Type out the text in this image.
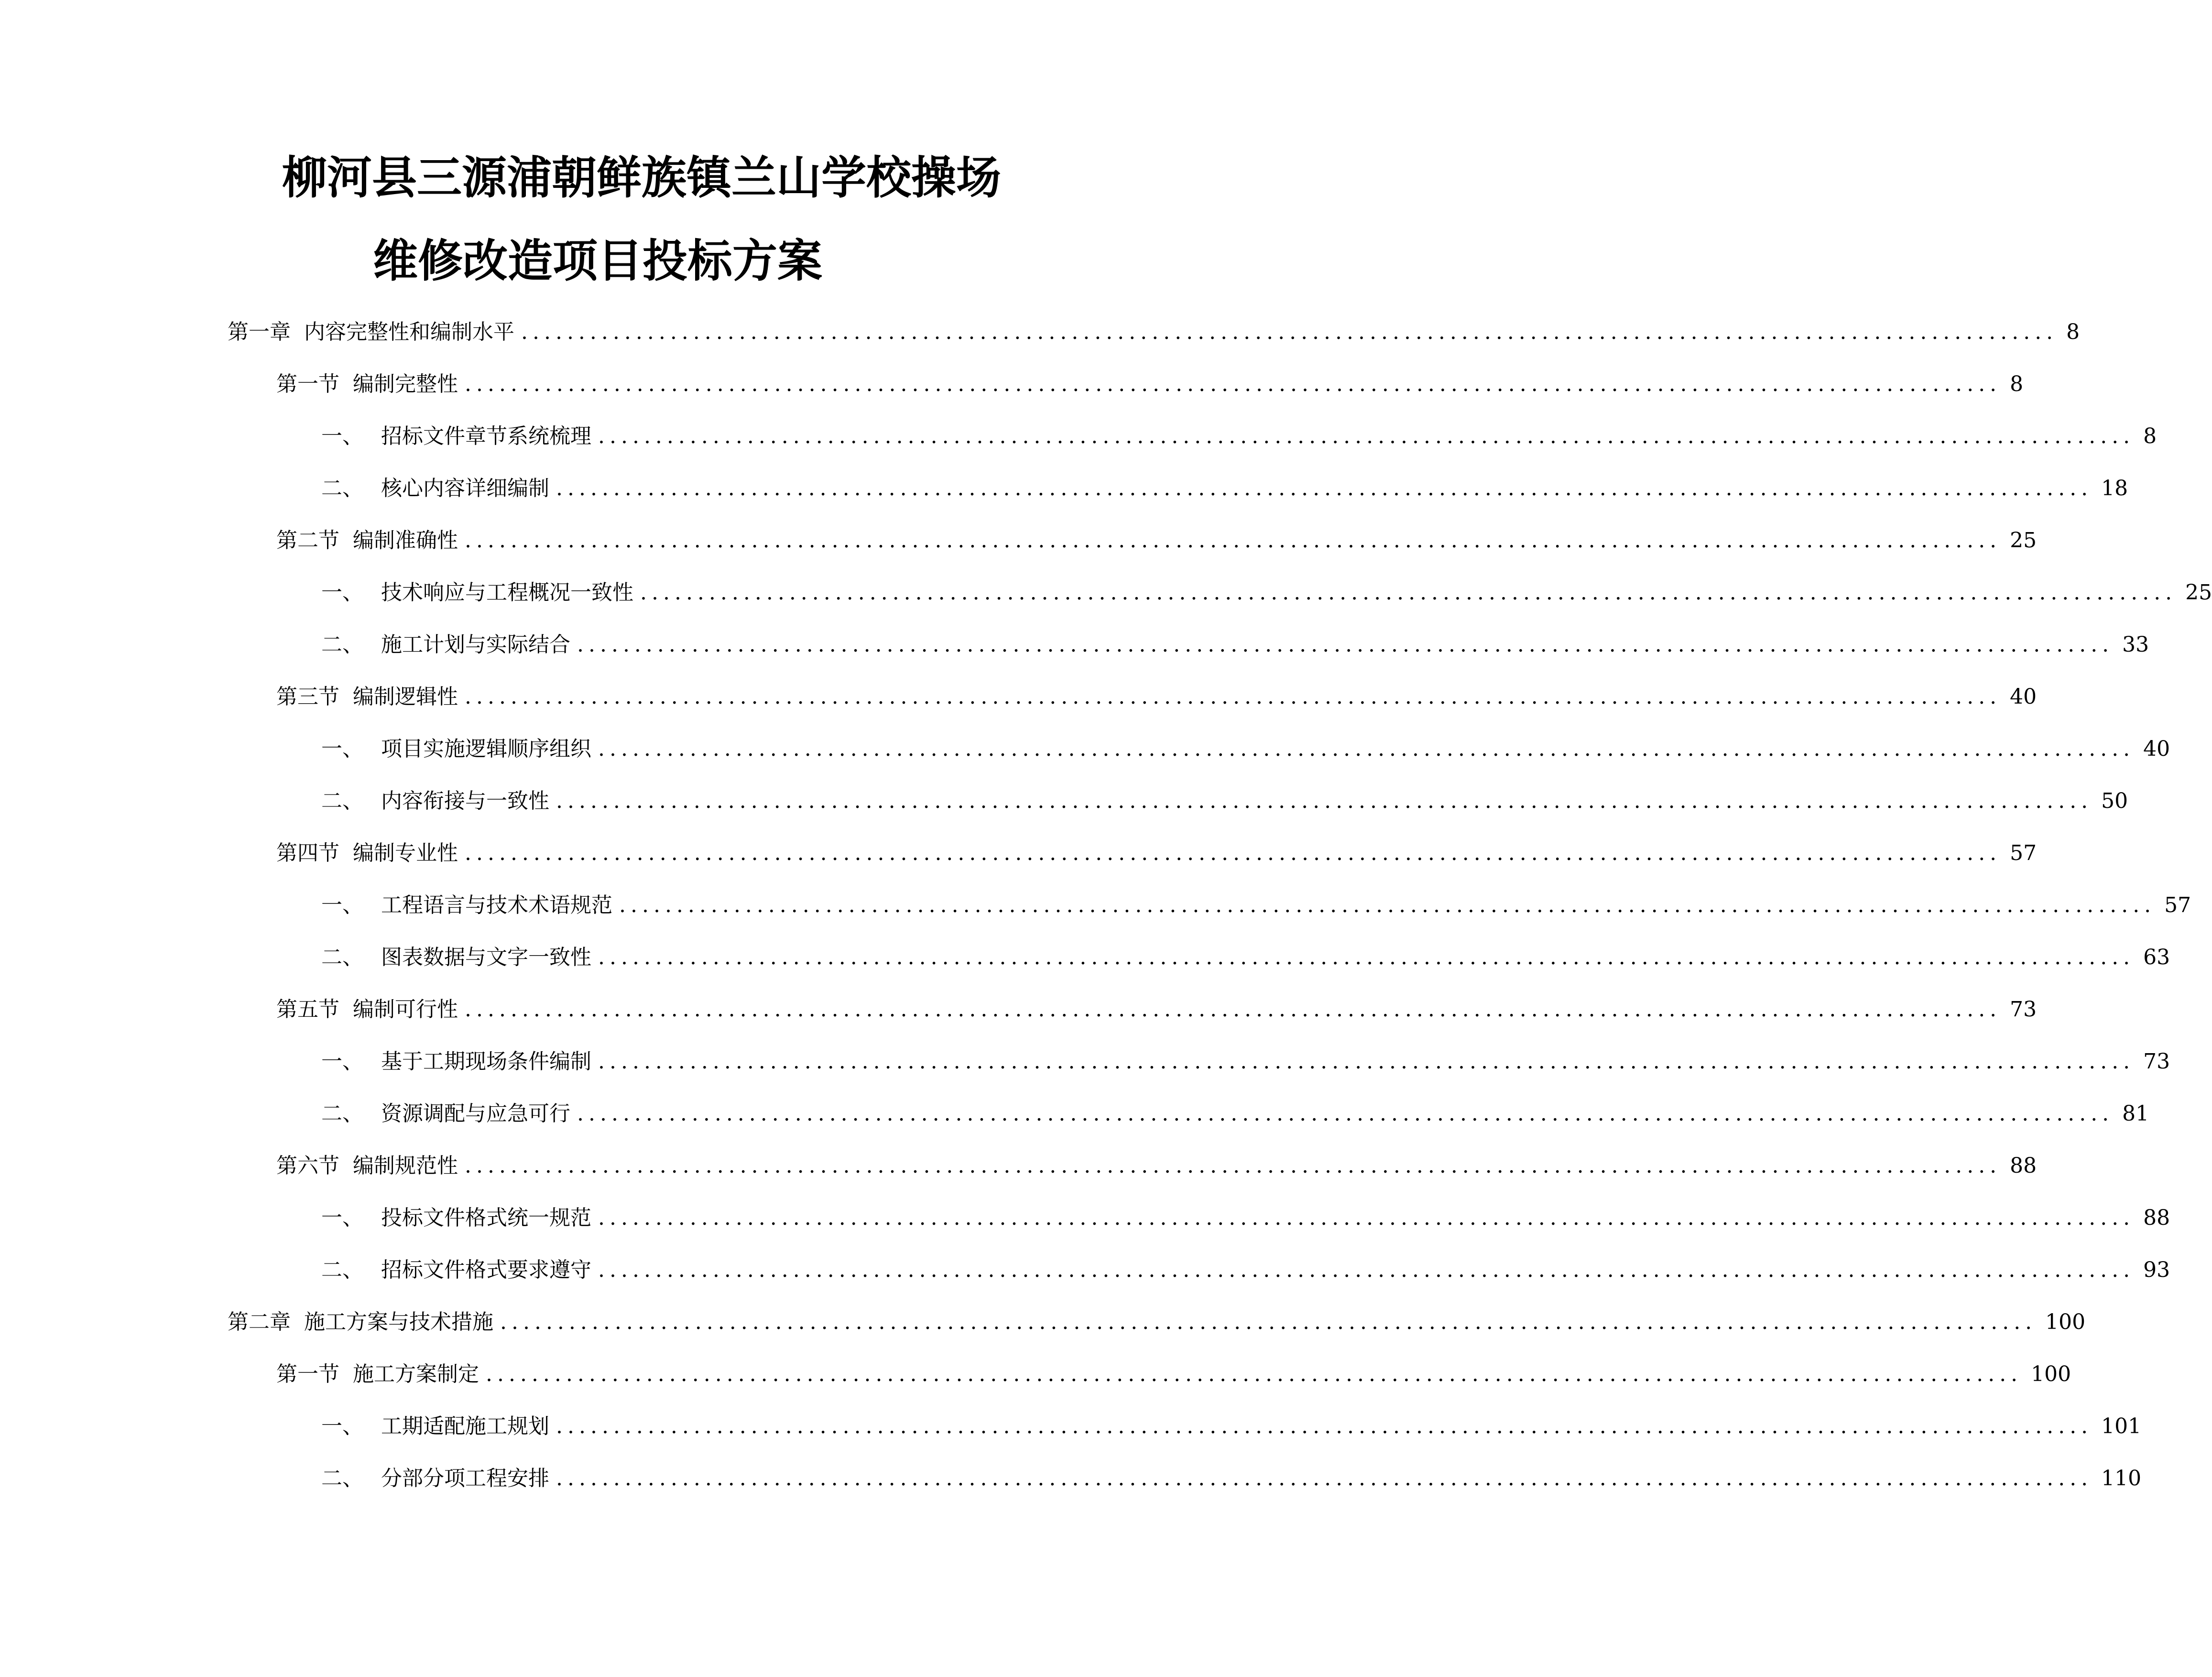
柳河县三源浦朝鲜族镇兰山学校操场
维修改造项目投标方案
第一章 内容完整性和编制水平 ...................................................................................................................................... 8
第一节 编制完整性 ...................................................................................................................................... 8
一、 招标文件章节系统梳理 ...................................................................................................................................... 8
二、 核心内容详细编制 ...................................................................................................................................... 18
第二节 编制准确性 ...................................................................................................................................... 25
一、 技术响应与工程概况一致性 ...................................................................................................................................... 25
二、 施工计划与实际结合 ...................................................................................................................................... 33
第三节 编制逻辑性 ...................................................................................................................................... 40
一、 项目实施逻辑顺序组织 ...................................................................................................................................... 40
二、 内容衔接与一致性 ...................................................................................................................................... 50
第四节 编制专业性 ...................................................................................................................................... 57
一、 工程语言与技术术语规范 ...................................................................................................................................... 57
二、 图表数据与文字一致性 ...................................................................................................................................... 63
第五节 编制可行性 ...................................................................................................................................... 73
一、 基于工期现场条件编制 ...................................................................................................................................... 73
二、 资源调配与应急可行 ...................................................................................................................................... 81
第六节 编制规范性 ...................................................................................................................................... 88
一、 投标文件格式统一规范 ...................................................................................................................................... 88
二、 招标文件格式要求遵守 ...................................................................................................................................... 93
第二章 施工方案与技术措施 ...................................................................................................................................... 100
第一节 施工方案制定 ...................................................................................................................................... 100
一、 工期适配施工规划 ...................................................................................................................................... 101
二、 分部分项工程安排 ...................................................................................................................................... 110
